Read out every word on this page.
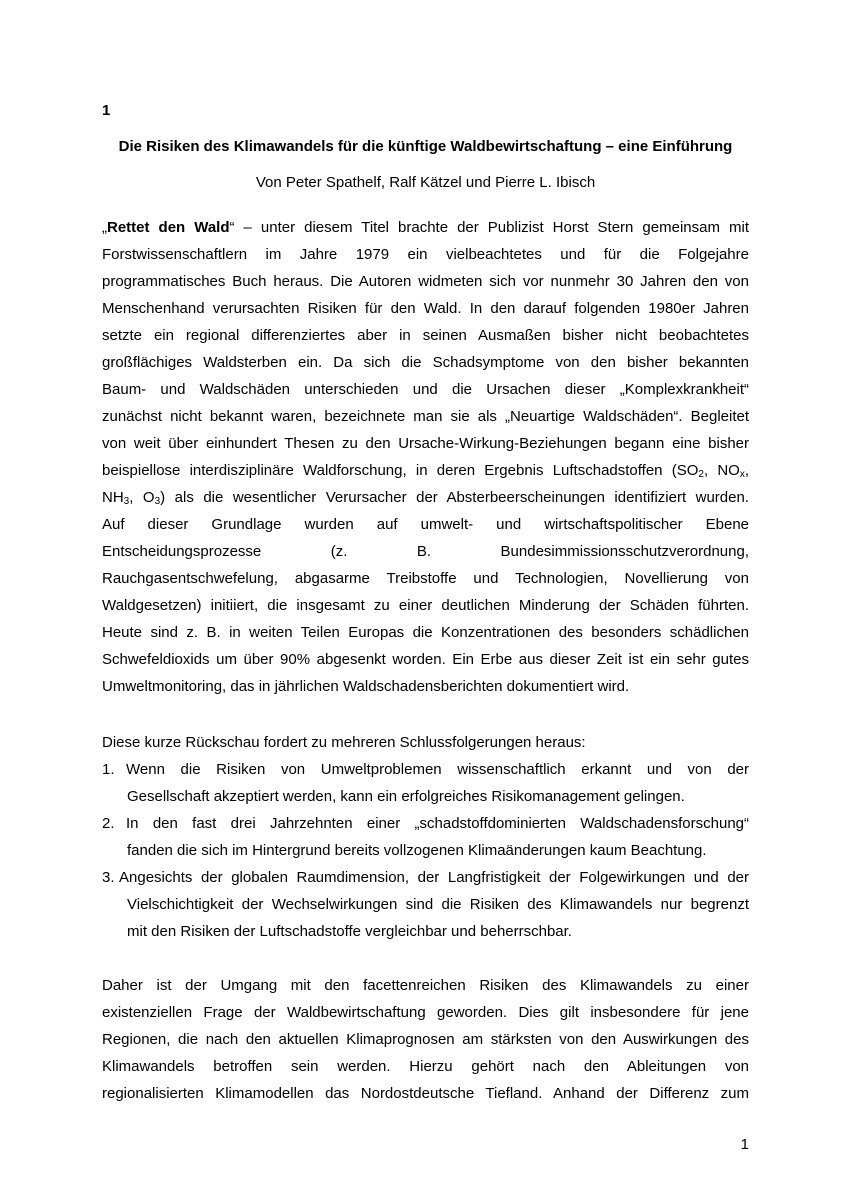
1
Die Risiken des Klimawandels für die künftige Waldbewirtschaftung – eine Einführung
Von Peter Spathelf, Ralf Kätzel und Pierre L. Ibisch
„Rettet den Wald“ – unter diesem Titel brachte der Publizist Horst Stern gemeinsam mit
Forstwissenschaftlern im Jahre 1979 ein vielbeachtetes und für die Folgejahre
programmatisches Buch heraus. Die Autoren widmeten sich vor nunmehr 30 Jahren den von
Menschenhand verursachten Risiken für den Wald. In den darauf folgenden 1980er Jahren
setzte ein regional differenziertes aber in seinen Ausmaßen bisher nicht beobachtetes
großflächiges Waldsterben ein. Da sich die Schadsymptome von den bisher bekannten
Baum- und Waldschäden unterschieden und die Ursachen dieser „Komplexkrankheit“
zunächst nicht bekannt waren, bezeichnete man sie als „Neuartige Waldschäden“. Begleitet
von weit über einhundert Thesen zu den Ursache-Wirkung-Beziehungen begann eine bisher
beispiellose interdisziplinäre Waldforschung, in deren Ergebnis Luftschadstoffen ($SO_2$, $NO_x$,
$NH_3$, $O_3$) als die wesentlicher Verursacher der Absterbeerscheinungen identifiziert wurden.
Auf dieser Grundlage wurden auf umwelt- und wirtschaftspolitischer Ebene
Entscheidungsprozesse (z. B. Bundesimmissionsschutzverordnung,
Rauchgasentschwefelung, abgasarme Treibstoffe und Technologien, Novellierung von
Waldgesetzen) initiiert, die insgesamt zu einer deutlichen Minderung der Schäden führten.
Heute sind z. B. in weiten Teilen Europas die Konzentrationen des besonders schädlichen
Schwefeldioxids um über 90% abgesenkt worden. Ein Erbe aus dieser Zeit ist ein sehr gutes
Umweltmonitoring, das in jährlichen Waldschadensberichten dokumentiert wird.
Diese kurze Rückschau fordert zu mehreren Schlussfolgerungen heraus:
1. Wenn die Risiken von Umweltproblemen wissenschaftlich erkannt und von der
Gesellschaft akzeptiert werden, kann ein erfolgreiches Risikomanagement gelingen.
2. In den fast drei Jahrzehnten einer „schadstoffdominierten Waldschadensforschung“
fanden die sich im Hintergrund bereits vollzogenen Klimaänderungen kaum Beachtung.
3. Angesichts der globalen Raumdimension, der Langfristigkeit der Folgewirkungen und der
Vielschichtigkeit der Wechselwirkungen sind die Risiken des Klimawandels nur begrenzt
mit den Risiken der Luftschadstoffe vergleichbar und beherrschbar.
Daher ist der Umgang mit den facettenreichen Risiken des Klimawandels zu einer
existenziellen Frage der Waldbewirtschaftung geworden. Dies gilt insbesondere für jene
Regionen, die nach den aktuellen Klimaprognosen am stärksten von den Auswirkungen des
Klimawandels betroffen sein werden. Hierzu gehört nach den Ableitungen von
regionalisierten Klimamodellen das Nordostdeutsche Tiefland. Anhand der Differenz zum
1
